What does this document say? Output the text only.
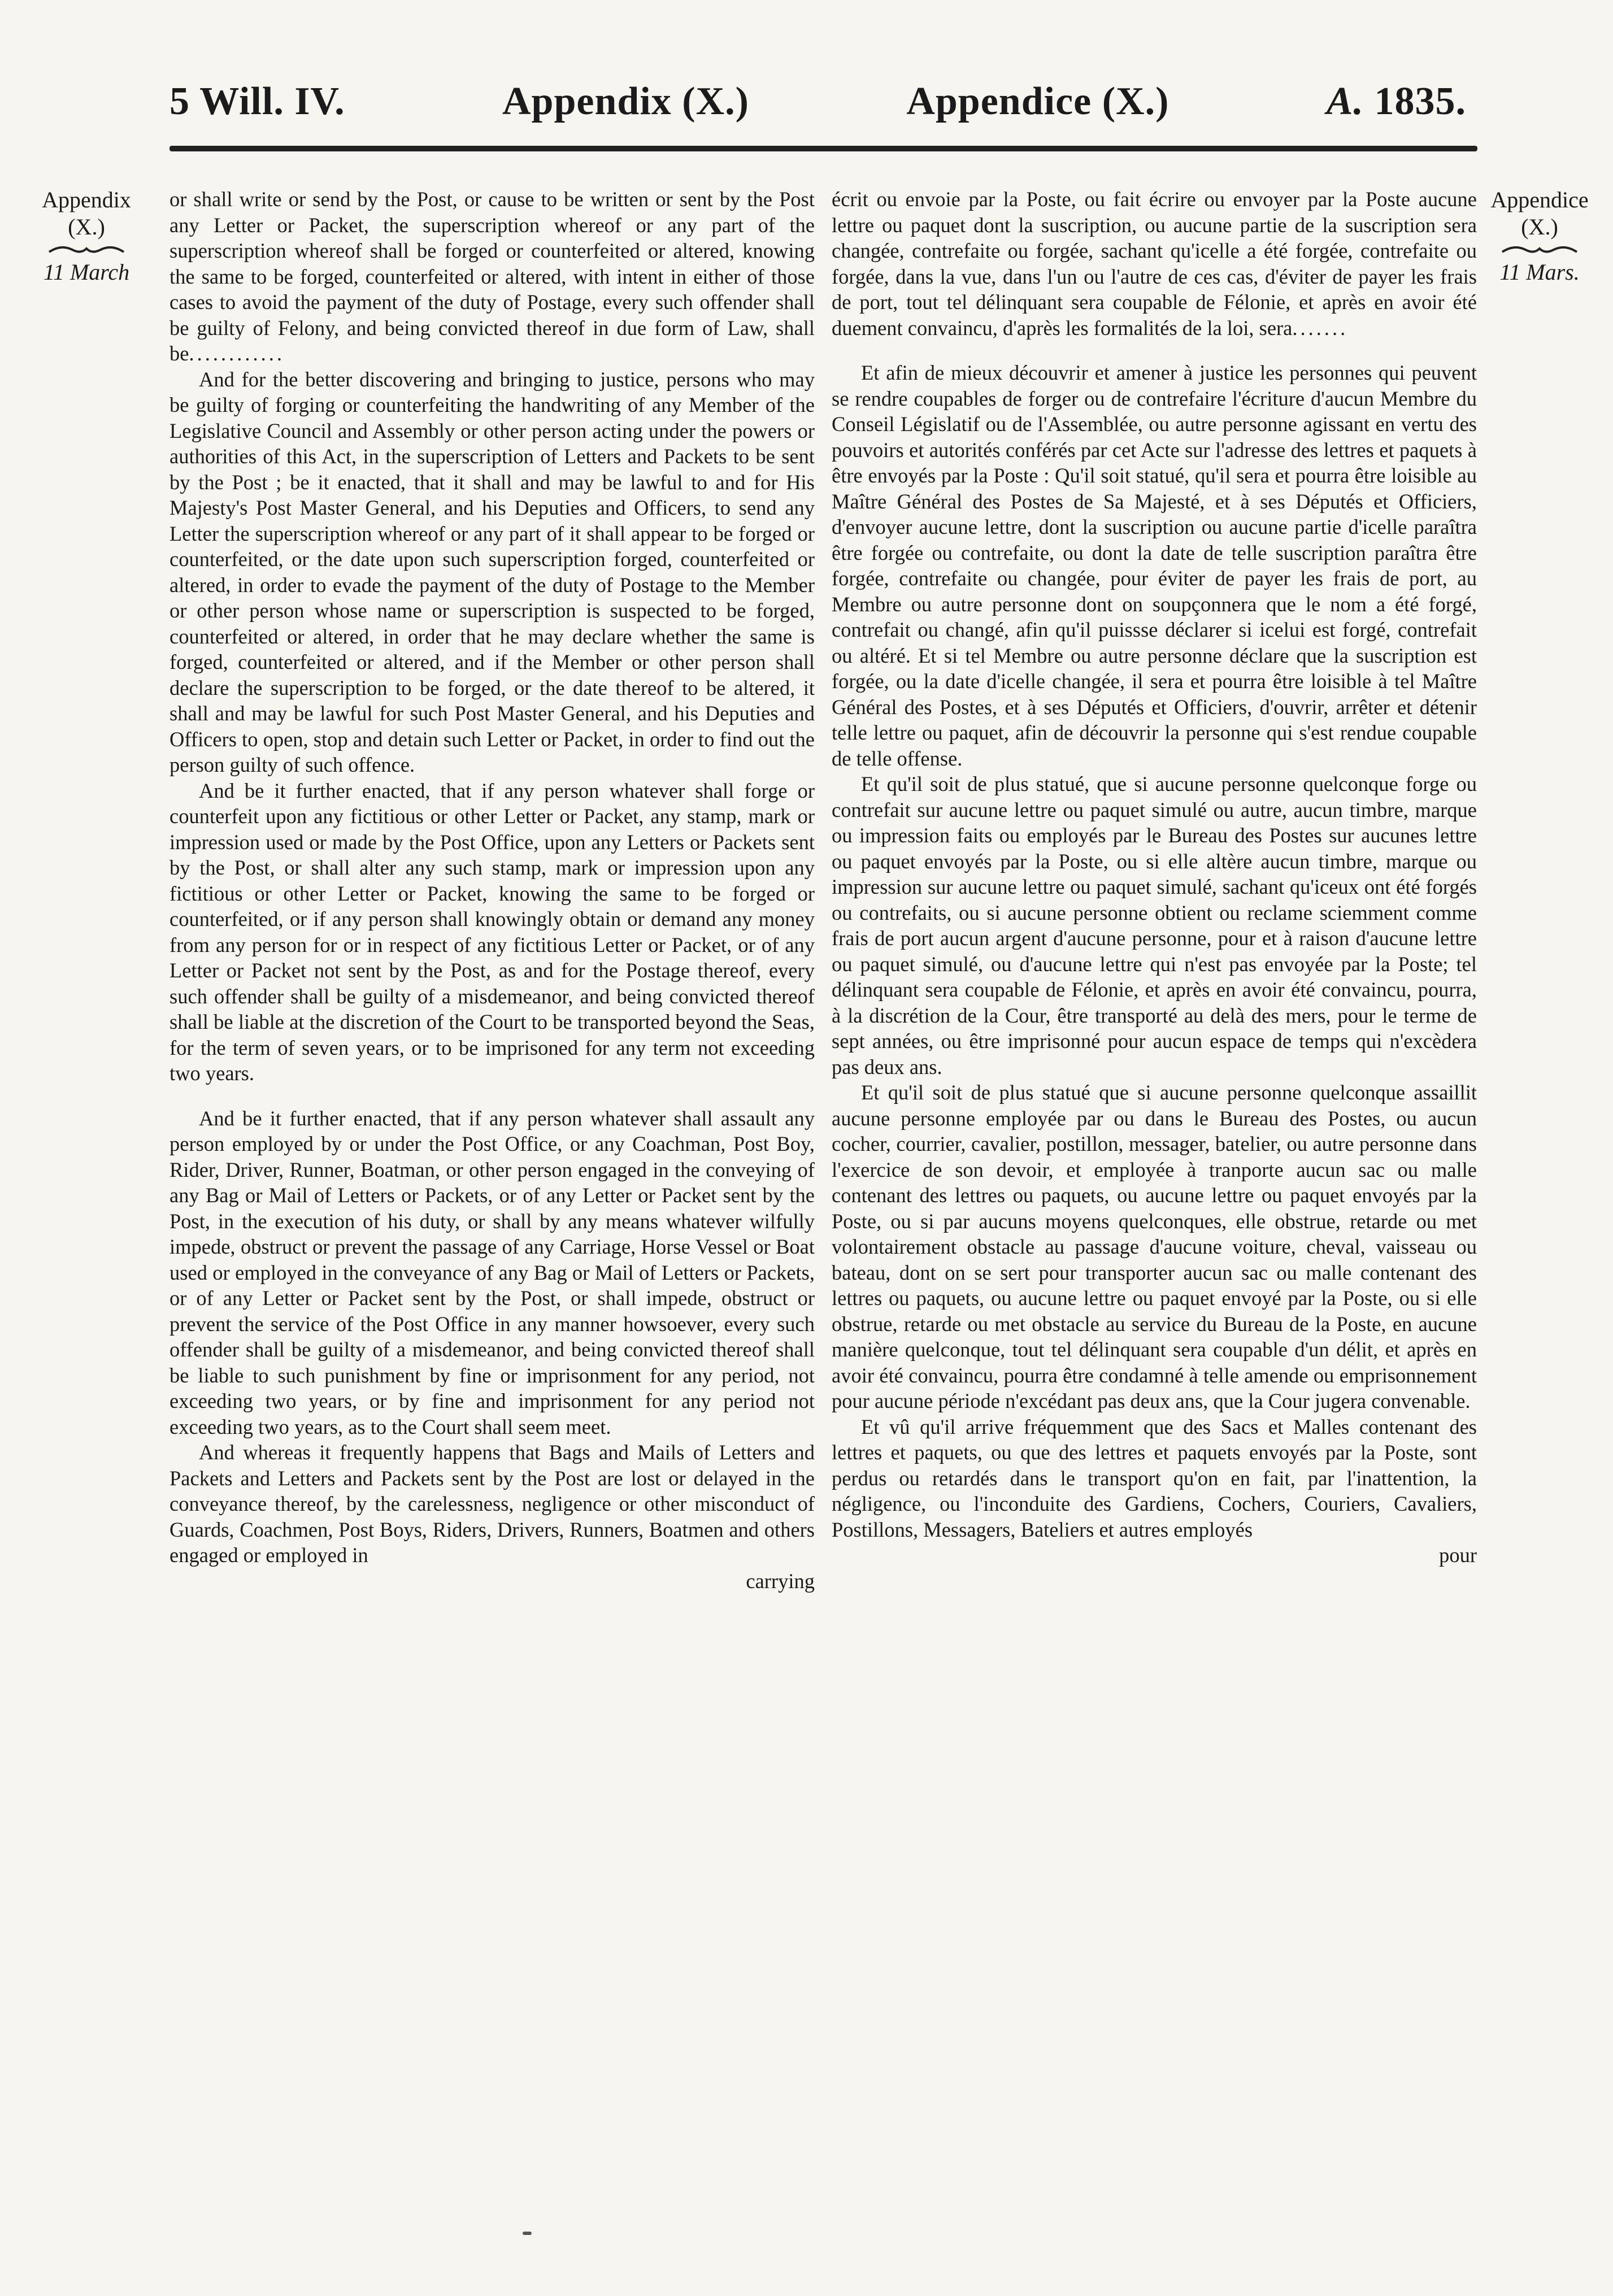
5 Will. IV.	Appendix (X.)	Appendice (X.)	A. 1835.
Appendix
(X.)
11 March
Appendice
(X.)
11 Mars.

or shall write or send by the Post, or cause to be written or sent by the Post any Letter or Packet, the superscription whereof or any part of the superscription whereof shall be forged or counterfeited or altered, knowing the same to be forged, counterfeited or altered, with intent in either of those cases to avoid the payment of the duty of Postage, every such offender shall be guilty of Felony, and being convicted thereof in due form of Law, shall be............

And for the better discovering and bringing to justice, persons who may be guilty of forging or counterfeiting the handwriting of any Member of the Legislative Council and Assembly or other person acting under the powers or authorities of this Act, in the superscription of Letters and Packets to be sent by the Post ; be it enacted, that it shall and may be lawful to and for His Majesty's Post Master General, and his Deputies and Officers, to send any Letter the superscription whereof or any part of it shall appear to be forged or counterfeited, or the date upon such superscription forged, counterfeited or altered, in order to evade the payment of the duty of Postage to the Member or other person whose name or superscription is suspected to be forged, counterfeited or altered, in order that he may declare whether the same is forged, counterfeited or altered, and if the Member or other person shall declare the superscription to be forged, or the date thereof to be altered, it shall and may be lawful for such Post Master General, and his Deputies and Officers to open, stop and detain such Letter or Packet, in order to find out the person guilty of such offence.

And be it further enacted, that if any person whatever shall forge or counterfeit upon any fictitious or other Letter or Packet, any stamp, mark or impression used or made by the Post Office, upon any Letters or Packets sent by the Post, or shall alter any such stamp, mark or impression upon any fictitious or other Letter or Packet, knowing the same to be forged or counterfeited, or if any person shall knowingly obtain or demand any money from any person for or in respect of any fictitious Letter or Packet, or of any Letter or Packet not sent by the Post, as and for the Postage thereof, every such offender shall be guilty of a misdemeanor, and being convicted thereof shall be liable at the discretion of the Court to be transported beyond the Seas, for the term of seven years, or to be imprisoned for any term not exceeding two years.

And be it further enacted, that if any person whatever shall assault any person employed by or under the Post Office, or any Coachman, Post Boy, Rider, Driver, Runner, Boatman, or other person engaged in the conveying of any Bag or Mail of Letters or Packets, or of any Letter or Packet sent by the Post, in the execution of his duty, or shall by any means whatever wilfully impede, obstruct or prevent the passage of any Carriage, Horse Vessel or Boat used or employed in the conveyance of any Bag or Mail of Letters or Packets, or of any Letter or Packet sent by the Post, or shall impede, obstruct or prevent the service of the Post Office in any manner howsoever, every such offender shall be guilty of a misdemeanor, and being convicted thereof shall be liable to such punishment by fine or imprisonment for any period, not exceeding two years, or by fine and imprisonment for any period not exceeding two years, as to the Court shall seem meet.

And whereas it frequently happens that Bags and Mails of Letters and Packets and Letters and Packets sent by the Post are lost or delayed in the conveyance thereof, by the carelessness, negligence or other misconduct of Guards, Coachmen, Post Boys, Riders, Drivers, Runners, Boatmen and others engaged or employed in

carrying

écrit ou envoie par la Poste, ou fait écrire ou envoyer par la Poste aucune lettre ou paquet dont la suscription, ou aucune partie de la suscription sera changée, contrefaite ou forgée, sachant qu'icelle a été forgée, contrefaite ou forgée, dans la vue, dans l'un ou l'autre de ces cas, d'éviter de payer les frais de port, tout tel délinquant sera coupable de Félonie, et après en avoir été duement convaincu, d'après les formalités de la loi, sera.......

Et afin de mieux découvrir et amener à justice les personnes qui peuvent se rendre coupables de forger ou de contrefaire l'écriture d'aucun Membre du Conseil Législatif ou de l'Assemblée, ou autre personne agissant en vertu des pouvoirs et autorités conférés par cet Acte sur l'adresse des lettres et paquets à être envoyés par la Poste : Qu'il soit statué, qu'il sera et pourra être loisible au Maître Général des Postes de Sa Majesté, et à ses Députés et Officiers, d'envoyer aucune lettre, dont la suscription ou aucune partie d'icelle paraîtra être forgée ou contrefaite, ou dont la date de telle suscription paraîtra être forgée, contrefaite ou changée, pour éviter de payer les frais de port, au Membre ou autre personne dont on soupçonnera que le nom a été forgé, contrefait ou changé, afin qu'il puissse déclarer si icelui est forgé, contrefait ou altéré. Et si tel Membre ou autre personne déclare que la suscription est forgée, ou la date d'icelle changée, il sera et pourra être loisible à tel Maître Général des Postes, et à ses Députés et Officiers, d'ouvrir, arrêter et détenir telle lettre ou paquet, afin de découvrir la personne qui s'est rendue coupable de telle offense.

Et qu'il soit de plus statué, que si aucune personne quelconque forge ou contrefait sur aucune lettre ou paquet simulé ou autre, aucun timbre, marque ou impression faits ou employés par le Bureau des Postes sur aucunes lettre ou paquet envoyés par la Poste, ou si elle altère aucun timbre, marque ou impression sur aucune lettre ou paquet simulé, sachant qu'iceux ont été forgés ou contrefaits, ou si aucune personne obtient ou reclame sciemment comme frais de port aucun argent d'aucune personne, pour et à raison d'aucune lettre ou paquet simulé, ou d'aucune lettre qui n'est pas envoyée par la Poste; tel délinquant sera coupable de Félonie, et après en avoir été convaincu, pourra, à la discrétion de la Cour, être transporté au delà des mers, pour le terme de sept années, ou être imprisonné pour aucun espace de temps qui n'excèdera pas deux ans.

Et qu'il soit de plus statué que si aucune personne quelconque assaillit aucune personne employée par ou dans le Bureau des Postes, ou aucun cocher, courrier, cavalier, postillon, messager, batelier, ou autre personne dans l'exercice de son devoir, et employée à tranporte aucun sac ou malle contenant des lettres ou paquets, ou aucune lettre ou paquet envoyés par la Poste, ou si par aucuns moyens quelconques, elle obstrue, retarde ou met volontairement obstacle au passage d'aucune voiture, cheval, vaisseau ou bateau, dont on se sert pour transporter aucun sac ou malle contenant des lettres ou paquets, ou aucune lettre ou paquet envoyé par la Poste, ou si elle obstrue, retarde ou met obstacle au service du Bureau de la Poste, en aucune manière quelconque, tout tel délinquant sera coupable d'un délit, et après en avoir été convaincu, pourra être condamné à telle amende ou emprisonnement pour aucune période n'excédant pas deux ans, que la Cour jugera convenable.

Et vû qu'il arrive fréquemment que des Sacs et Malles contenant des lettres et paquets, ou que des lettres et paquets envoyés par la Poste, sont perdus ou retardés dans le transport qu'on en fait, par l'inattention, la négligence, ou l'inconduite des Gardiens, Cochers, Couriers, Cavaliers, Postillons, Messagers, Bateliers et autres employés

pour
